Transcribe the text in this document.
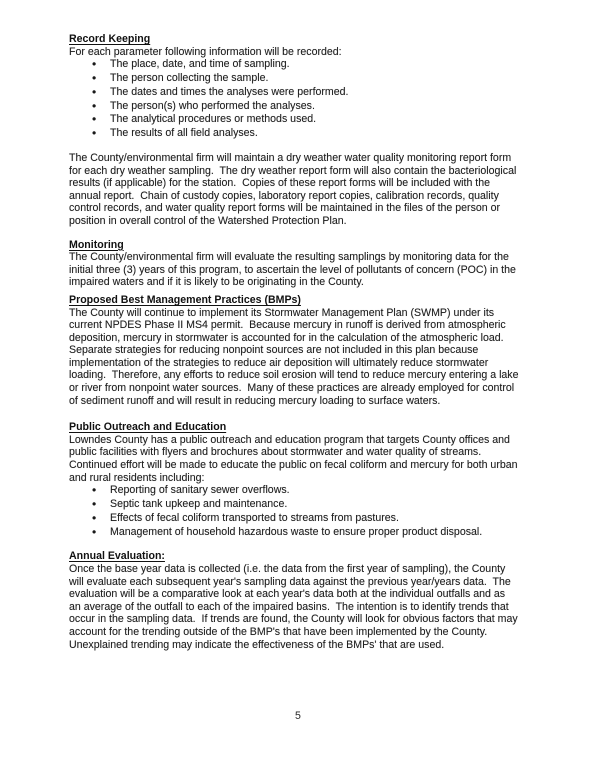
Record Keeping

For each parameter following information will be recorded:

• The place, date, and time of sampling.
• The person collecting the sample.
• The dates and times the analyses were performed.
• The person(s) who performed the analyses.
• The analytical procedures or methods used.
• The results of all field analyses.

The County/environmental firm will maintain a dry weather water quality monitoring report form
for each dry weather sampling.  The dry weather report form will also contain the bacteriological
results (if applicable) for the station.  Copies of these report forms will be included with the
annual report.  Chain of custody copies, laboratory report copies, calibration records, quality
control records, and water quality report forms will be maintained in the files of the person or
position in overall control of the Watershed Protection Plan.

Monitoring

The County/environmental firm will evaluate the resulting samplings by monitoring data for the
initial three (3) years of this program, to ascertain the level of pollutants of concern (POC) in the
impaired waters and if it is likely to be originating in the County.

Proposed Best Management Practices (BMPs)

The County will continue to implement its Stormwater Management Plan (SWMP) under its
current NPDES Phase II MS4 permit.  Because mercury in runoff is derived from atmospheric
deposition, mercury in stormwater is accounted for in the calculation of the atmospheric load.
Separate strategies for reducing nonpoint sources are not included in this plan because
implementation of the strategies to reduce air deposition will ultimately reduce stormwater
loading.  Therefore, any efforts to reduce soil erosion will tend to reduce mercury entering a lake
or river from nonpoint water sources.  Many of these practices are already employed for control
of sediment runoff and will result in reducing mercury loading to surface waters.

Public Outreach and Education

Lowndes County has a public outreach and education program that targets County offices and
public facilities with flyers and brochures about stormwater and water quality of streams.
Continued effort will be made to educate the public on fecal coliform and mercury for both urban
and rural residents including:

• Reporting of sanitary sewer overflows.
• Septic tank upkeep and maintenance.
• Effects of fecal coliform transported to streams from pastures.
• Management of household hazardous waste to ensure proper product disposal.
Annual Evaluation:

Once the base year data is collected (i.e. the data from the first year of sampling), the County
will evaluate each subsequent year's sampling data against the previous year/years data.  The
evaluation will be a comparative look at each year's data both at the individual outfalls and as
an average of the outfall to each of the impaired basins.  The intention is to identify trends that
occur in the sampling data.  If trends are found, the County will look for obvious factors that may
account for the trending outside of the BMP's that have been implemented by the County.
Unexplained trending may indicate the effectiveness of the BMPs' that are used.

5
